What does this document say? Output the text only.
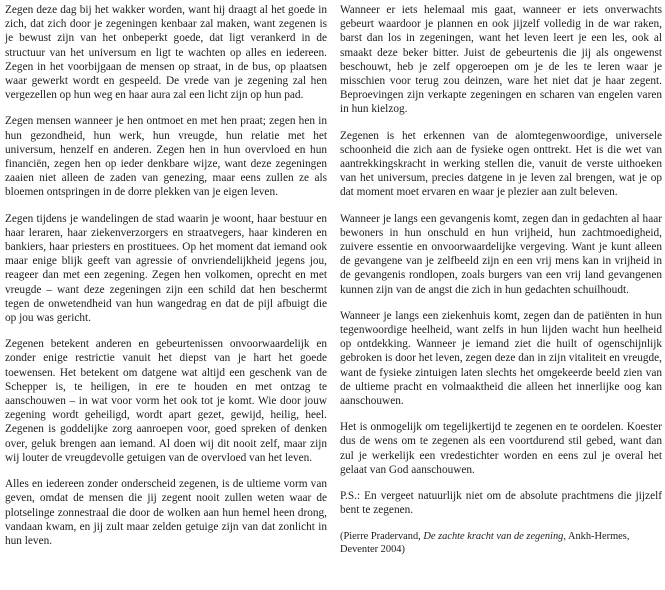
Zegen deze dag bij het wakker worden, want hij draagt al het goede in zich, dat zich door je zegeningen kenbaar zal maken, want zegenen is je bewust zijn van het onbeperkt goede, dat ligt verankerd in de structuur van het universum en ligt te wachten op alles en iedereen. Zegen in het voorbijgaan de mensen op straat, in de bus, op plaatsen waar gewerkt wordt en gespeeld. De vrede van je zegening zal hen vergezellen op hun weg en haar aura zal een licht zijn op hun pad.

Zegen mensen wanneer je hen ontmoet en met hen praat; zegen hen in hun gezondheid, hun werk, hun vreugde, hun relatie met het universum, henzelf en anderen. Zegen hen in hun overvloed en hun financiën, zegen hen op ieder denkbare wijze, want deze zegeningen zaaien niet alleen de zaden van genezing, maar eens zullen ze als bloemen ontspringen in de dorre plekken van je eigen leven.

Zegen tijdens je wandelingen de stad waarin je woont, haar bestuur en haar leraren, haar ziekenverzorgers en straatvegers, haar kinderen en bankiers, haar priesters en prostituees. Op het moment dat iemand ook maar enige blijk geeft van agressie of onvriendelijkheid jegens jou, reageer dan met een zegening. Zegen hen volkomen, oprecht en met vreugde – want deze zegeningen zijn een schild dat hen beschermt tegen de onwetendheid van hun wangedrag en dat de pijl afbuigt die op jou was gericht.

Zegenen betekent anderen en gebeurtenissen onvoorwaardelijk en zonder enige restrictie vanuit het diepst van je hart het goede toewensen. Het betekent om datgene wat altijd een geschenk van de Schepper is, te heiligen, in ere te houden en met ontzag te aanschouwen – in wat voor vorm het ook tot je komt. Wie door jouw zegening wordt geheiligd, wordt apart gezet, gewijd, heilig, heel. Zegenen is goddelijke zorg aanroepen voor, goed spreken of denken over, geluk brengen aan iemand. Al doen wij dit nooit zelf, maar zijn wij louter de vreugdevolle getuigen van de overvloed van het leven.

Alles en iedereen zonder onderscheid zegenen, is de ultieme vorm van geven, omdat de mensen die jij zegent nooit zullen weten waar de plotselinge zonnestraal die door de wolken aan hun hemel heen drong, vandaan kwam, en jij zult maar zelden getuige zijn van dat zonlicht in hun leven.

Wanneer er iets helemaal mis gaat, wanneer er iets onverwachts gebeurt waardoor je plannen en ook jijzelf volledig in de war raken, barst dan los in zegeningen, want het leven leert je een les, ook al smaakt deze beker bitter. Juist de gebeurtenis die jij als ongewenst beschouwt, heb je zelf opgeroepen om je de les te leren waar je misschien voor terug zou deinzen, ware het niet dat je haar zegent. Beproevingen zijn verkapte zegeningen en scharen van engelen varen in hun kielzog.

Zegenen is het erkennen van de alomtegenwoordige, universele schoonheid die zich aan de fysieke ogen onttrekt. Het is die wet van aantrekkingskracht in werking stellen die, vanuit de verste uithoeken van het universum, precies datgene in je leven zal brengen, wat je op dat moment moet ervaren en waar je plezier aan zult beleven.

Wanneer je langs een gevangenis komt, zegen dan in gedachten al haar bewoners in hun onschuld en hun vrijheid, hun zachtmoedigheid, zuivere essentie en onvoorwaardelijke vergeving. Want je kunt alleen de gevangene van je zelfbeeld zijn en een vrij mens kan in vrijheid in de gevangenis rondlopen, zoals burgers van een vrij land gevangenen kunnen zijn van de angst die zich in hun gedachten schuilhoudt.

Wanneer je langs een ziekenhuis komt, zegen dan de patiënten in hun tegenwoordige heelheid, want zelfs in hun lijden wacht hun heelheid op ontdekking. Wanneer je iemand ziet die huilt of ogenschijnlijk gebroken is door het leven, zegen deze dan in zijn vitaliteit en vreugde, want de fysieke zintuigen laten slechts het omgekeerde beeld zien van de ultieme pracht en volmaaktheid die alleen het innerlijke oog kan aanschouwen.

Het is onmogelijk om tegelijkertijd te zegenen en te oordelen. Koester dus de wens om te zegenen als een voortdurend stil gebed, want dan zul je werkelijk een vredestichter worden en eens zul je overal het gelaat van God aanschouwen.

P.S.: En vergeet natuurlijk niet om de absolute prachtmens die jijzelf bent te zegenen.

(Pierre Pradervand, De zachte kracht van de zegening, Ankh-Hermes, Deventer 2004)
